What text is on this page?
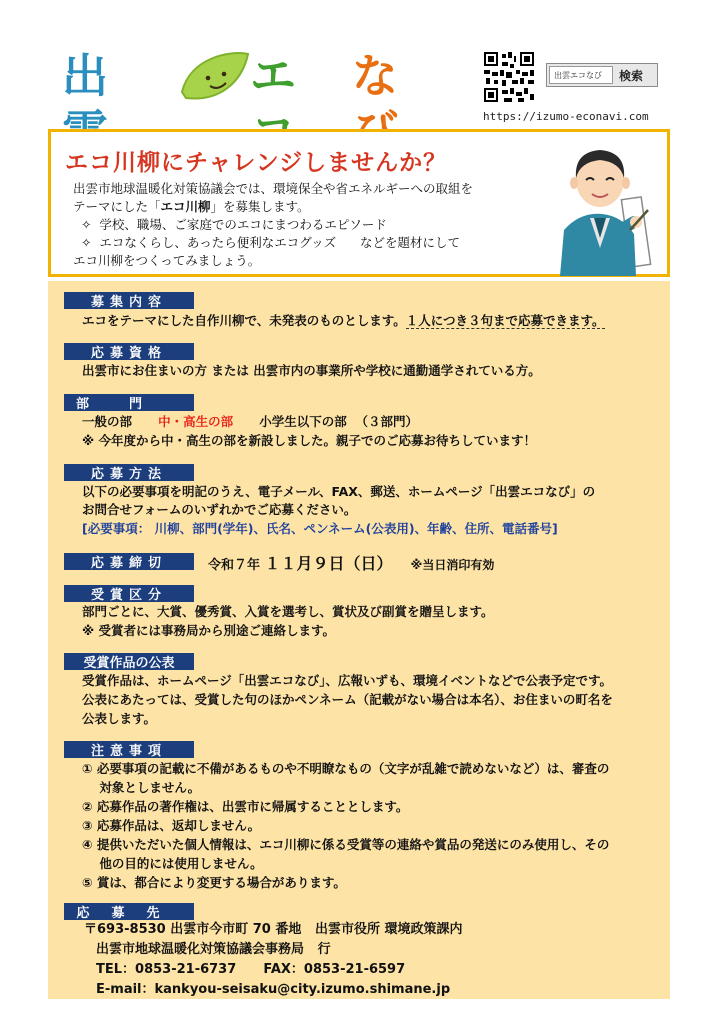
出	エ な
出雲エコなび	検索
https://izumo-econavi.com
エコ川柳にチャレンジしませんか？
出雲市地球温暖化対策協議会では、環境保全や省エネルギーへの取組を
テーマにした「エコ川柳」を募集します。
✧  学校、職場、ご家庭でのエコにまつわるエピソード
✧  エコなくらし、あったら便利なエコグッズ      などを題材にして
エコ川柳をつくってみましょう。
募集内容
エコをテーマにした自作川柳で、未発表のものとします。１人につき３句まで応募できます。
応募資格
出雲市にお住まいの方 または 出雲市内の事業所や学校に通勤通学されている方。
部門
一般の部 中・高生の部 小学生以下の部 （３部門）
※ 今年度から中・高生の部を新設しました。親子でのご応募お待ちしています！
応募方法
以下の必要事項を明記のうえ、電子メール、FAX、郵送、ホームページ「出雲エコなび」の
お問合せフォームのいずれかでご応募ください。
[必要事項： 川柳、部門(学年)、氏名、ペンネーム(公表用)、年齢、住所、電話番号]
応募締切	令和７年 １１月９日（日） ※当日消印有効
受賞区分
部門ごとに、大賞、優秀賞、入賞を選考し、賞状及び副賞を贈呈します。
※ 受賞者には事務局から別途ご連絡します。
受賞作品の公表
受賞作品は、ホームページ「出雲エコなび」、広報いずも、環境イベントなどで公表予定です。
公表にあたっては、受賞した句のほかペンネーム（記載がない場合は本名）、お住まいの町名を
公表します。
注意事項
① 必要事項の記載に不備があるものや不明瞭なもの（文字が乱雑で読めないなど）は、審査の
対象としません。
② 応募作品の著作権は、出雲市に帰属することとします。
③ 応募作品は、返却しません。
④ 提供いただいた個人情報は、エコ川柳に係る受賞等の連絡や賞品の発送にのみ使用し、その
他の目的には使用しません。
⑤ 賞は、都合により変更する場合があります。
応募先
〒693-8530 出雲市今市町 70 番地   出雲市役所 環境政策課内
出雲市地球温暖化対策協議会事務局   行
TEL：0853-21-6737      FAX：0853-21-6597
E-mail：kankyou-seisaku@city.izumo.shimane.jp
